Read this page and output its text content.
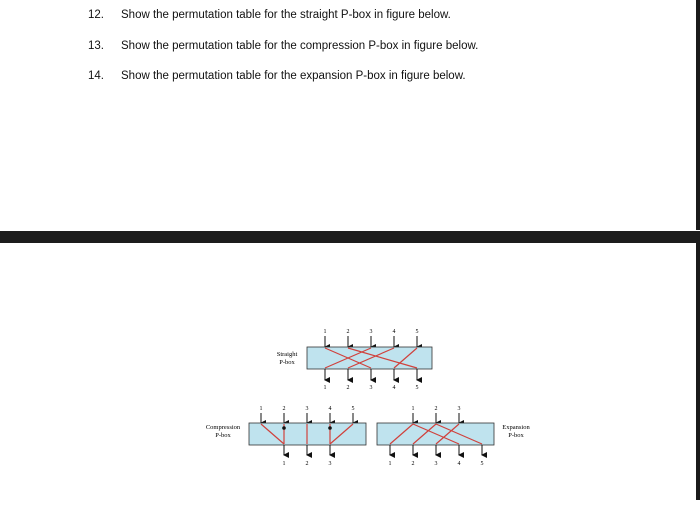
12.	Show the permutation table for the straight P-box in figure below.
13.	Show the permutation table for the compression P-box in figure below.
14.	Show the permutation table for the expansion P-box in figure below.
Straight
P-box
1	2	3	4	5
1	2	3	4	5
Compression
P-box
1	2	3	4	5
1	2	3
Expansion
P-box
1	2	3
1	2	3	4	5
